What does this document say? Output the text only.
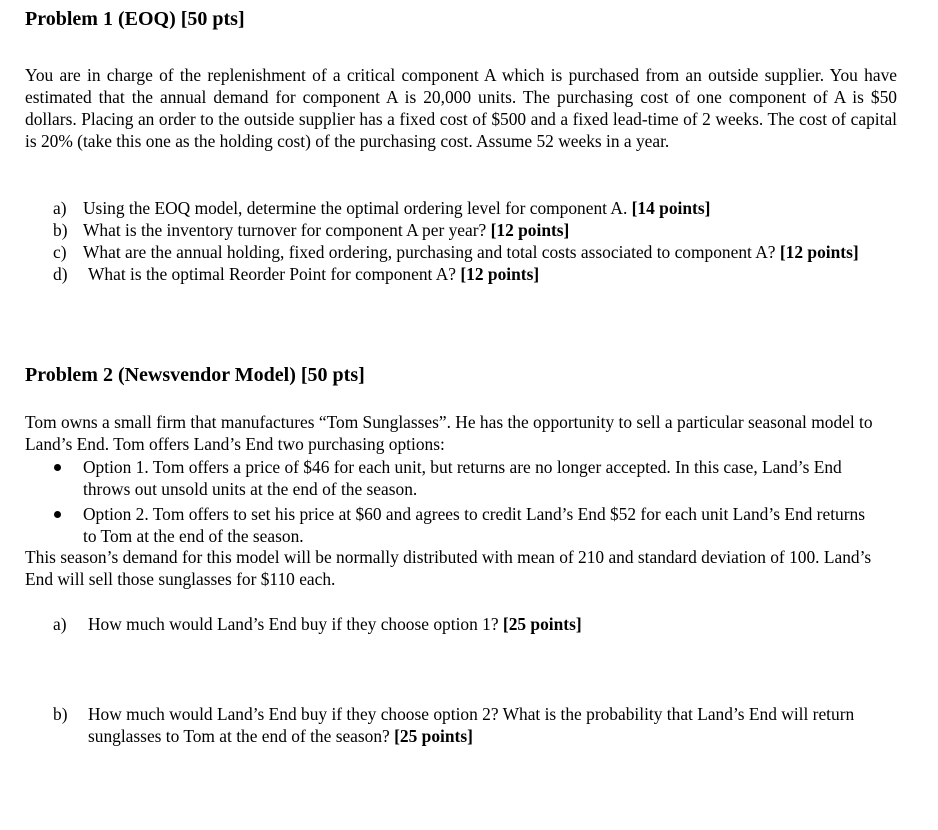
Problem 1 (EOQ) [50 pts]

You are in charge of the replenishment of a critical component A which is purchased from an outside supplier. You have estimated that the annual demand for component A is 20,000 units. The purchasing cost of one component of A is $50 dollars. Placing an order to the outside supplier has a fixed cost of $500 and a fixed lead-time of 2 weeks. The cost of capital is 20% (take this one as the holding cost) of the purchasing cost. Assume 52 weeks in a year.

a) Using the EOQ model, determine the optimal ordering level for component A. [14 points]
b) What is the inventory turnover for component A per year? [12 points]
c) What are the annual holding, fixed ordering, purchasing and total costs associated to component A? [12 points]
d) What is the optimal Reorder Point for component A? [12 points]
Problem 2 (Newsvendor Model) [50 pts]

Tom owns a small firm that manufactures “Tom Sunglasses”. He has the opportunity to sell a particular seasonal model to Land’s End. Tom offers Land’s End two purchasing options:

Option 1. Tom offers a price of $46 for each unit, but returns are no longer accepted. In this case, Land’s End throws out unsold units at the end of the season.
Option 2. Tom offers to set his price at $60 and agrees to credit Land’s End $52 for each unit Land’s End returns to Tom at the end of the season.

This season’s demand for this model will be normally distributed with mean of 210 and standard deviation of 100. Land’s End will sell those sunglasses for $110 each.

a) How much would Land’s End buy if they choose option 1? [25 points]
b) How much would Land’s End buy if they choose option 2? What is the probability that Land’s End will return sunglasses to Tom at the end of the season? [25 points]
